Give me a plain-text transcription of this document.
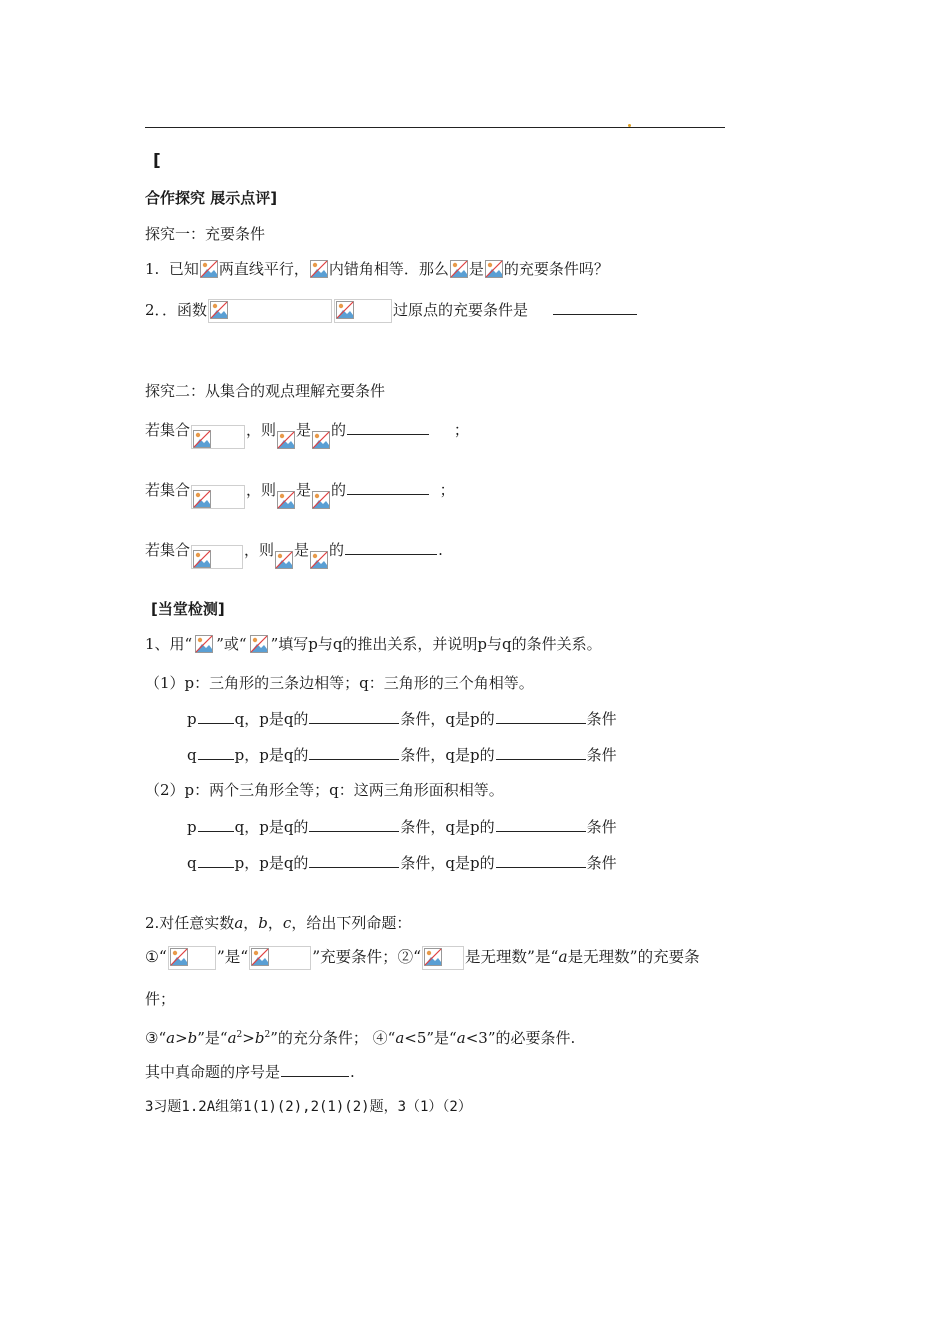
[
合作探究 展示点评]
探究一：充要条件
1. 已知 两直线平行， 内错角相等．那么 是 的充要条件吗？
2．．函数	过原点的充要条件是
探究二：从集合的观点理解充要条件
若集合	，则 是 的	；
若集合	，则 是 的	；
若集合	，则 是 的	.
[当堂检测]
1、用“ ”或“ ”填写p与q的推出关系，并说明p与q的条件关系。
（1）p：三角形的三条边相等；q：三角形的三个角相等。
p	q，p是q的	条件，q是p的	条件
q	p，p是q的	条件，q是p的	条件
（2）p：两个三角形全等；q：这两三角形面积相等。
p	q，p是q的	条件，q是p的	条件
q	p，p是q的	条件，q是p的	条件
2.对任意实数a，b，c，给出下列命题：
①“	”是“	”充要条件；②“	是无理数”是“a是无理数”的充要条
件；
③“a>b”是“$a^2>b^2$”的充分条件； ④“a<5”是“a<3”的必要条件.
其中真命题的序号是	.
3习题1.2A组第1(1)(2),2(1)(2)题，3（1）（2）
